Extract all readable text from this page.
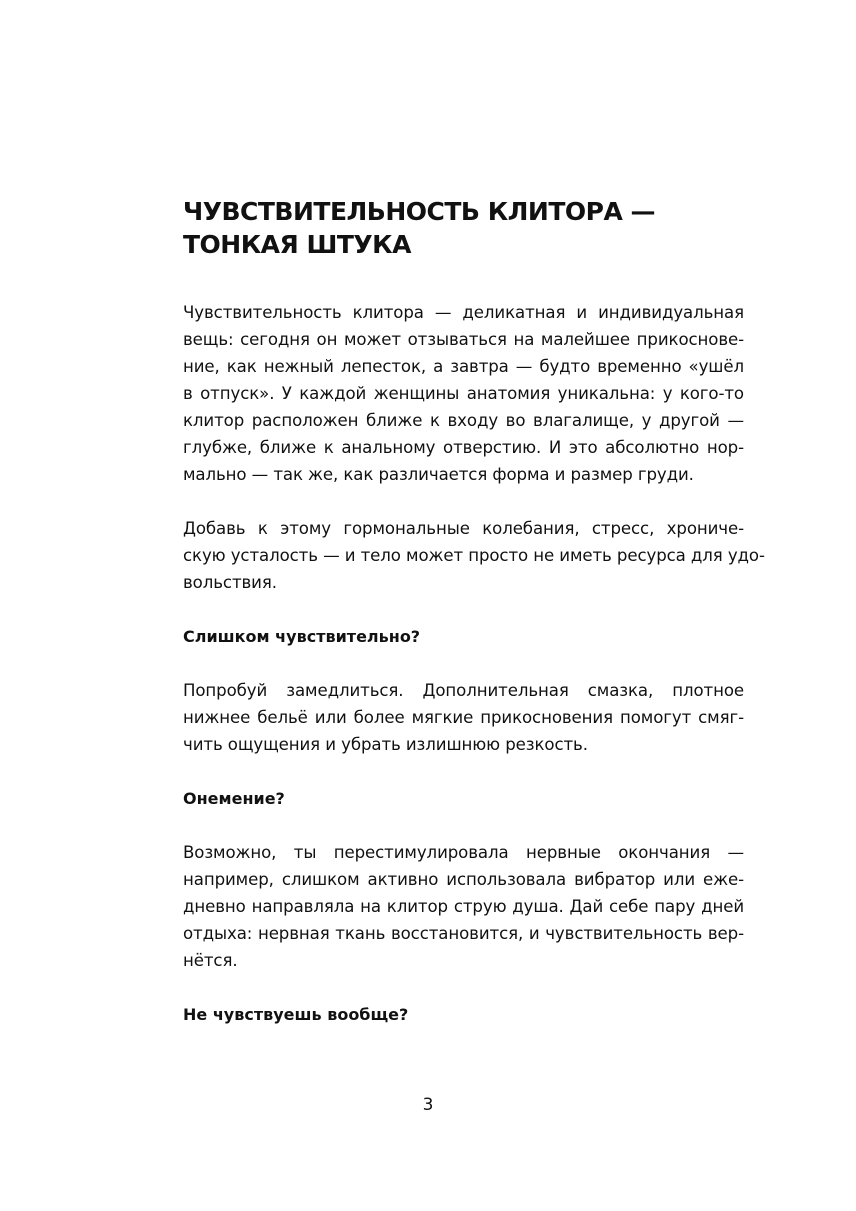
ЧУВСТВИТЕЛЬНОСТЬ КЛИТОРА —
ТОНКАЯ ШТУКА

Чувствительность клитора — деликатная и индивидуальная
вещь: сегодня он может отзываться на малейшее прикоснове-
ние, как нежный лепесток, а завтра — будто временно «ушёл
в отпуск». У каждой женщины анатомия уникальна: у кого-то
клитор расположен ближе к входу во влагалище, у другой —
глубже, ближе к анальному отверстию. И это абсолютно нор-
мально — так же, как различается форма и размер груди.

Добавь к этому гормональные колебания, стресс, хрониче-
скую усталость — и тело может просто не иметь ресурса для удо-
вольствия.

Слишком чувствительно?

Попробуй замедлиться. Дополнительная смазка, плотное
нижнее бельё или более мягкие прикосновения помогут смяг-
чить ощущения и убрать излишнюю резкость.

Онемение?

Возможно, ты перестимулировала нервные окончания —
например, слишком активно использовала вибратор или еже-
дневно направляла на клитор струю душа. Дай себе пару дней
отдыха: нервная ткань восстановится, и чувствительность вер-
нётся.

Не чувствуешь вообще?
3
